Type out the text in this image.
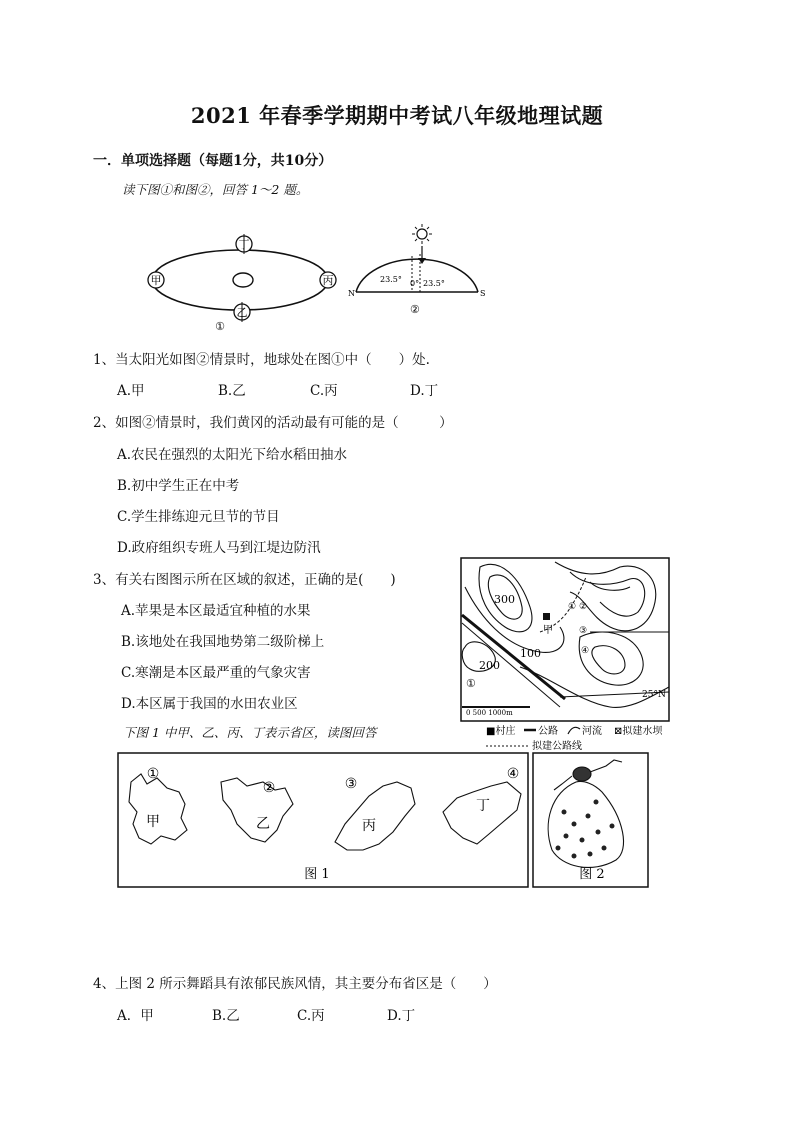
2021 年春季学期期中考试八年级地理试题
一．单项选择题（每题1分，共10分）
读下图①和图②，回答 1～2 题。
丁
甲	丙
乙
①
N	S
23.5° 0° 23.5°
②
1、当太阳光如图②情景时，地球处在图①中（　　）处.
A.甲	B.乙	C.丙	D.丁
2、如图②情景时，我们黄冈的活动最有可能的是（　　　）
A.农民在强烈的太阳光下给水稻田抽水
B.初中学生正在中考
C.学生排练迎元旦节的节目
D.政府组织专班人马到江堤边防汛
3、有关右图图示所在区域的叙述，正确的是(　　)
A.苹果是本区最适宜种植的水果
B.该地处在我国地势第二级阶梯上
C.寒潮是本区最严重的气象灾害
D.本区属于我国的水田农业区
甲
① ②
③
④
300
100
200
①
25°N
0 500 1000m
■村庄 公路 河流 ⊠拟建水坝
拟建公路线
下图 1 中甲、乙、丙、丁表示省区，读图回答
①
甲
②
乙
③
丙
④
丁
图 1	图 2
4、上图 2 所示舞蹈具有浓郁民族风情，其主要分布省区是（　　）
A．甲	B.乙	C.丙	D.丁
